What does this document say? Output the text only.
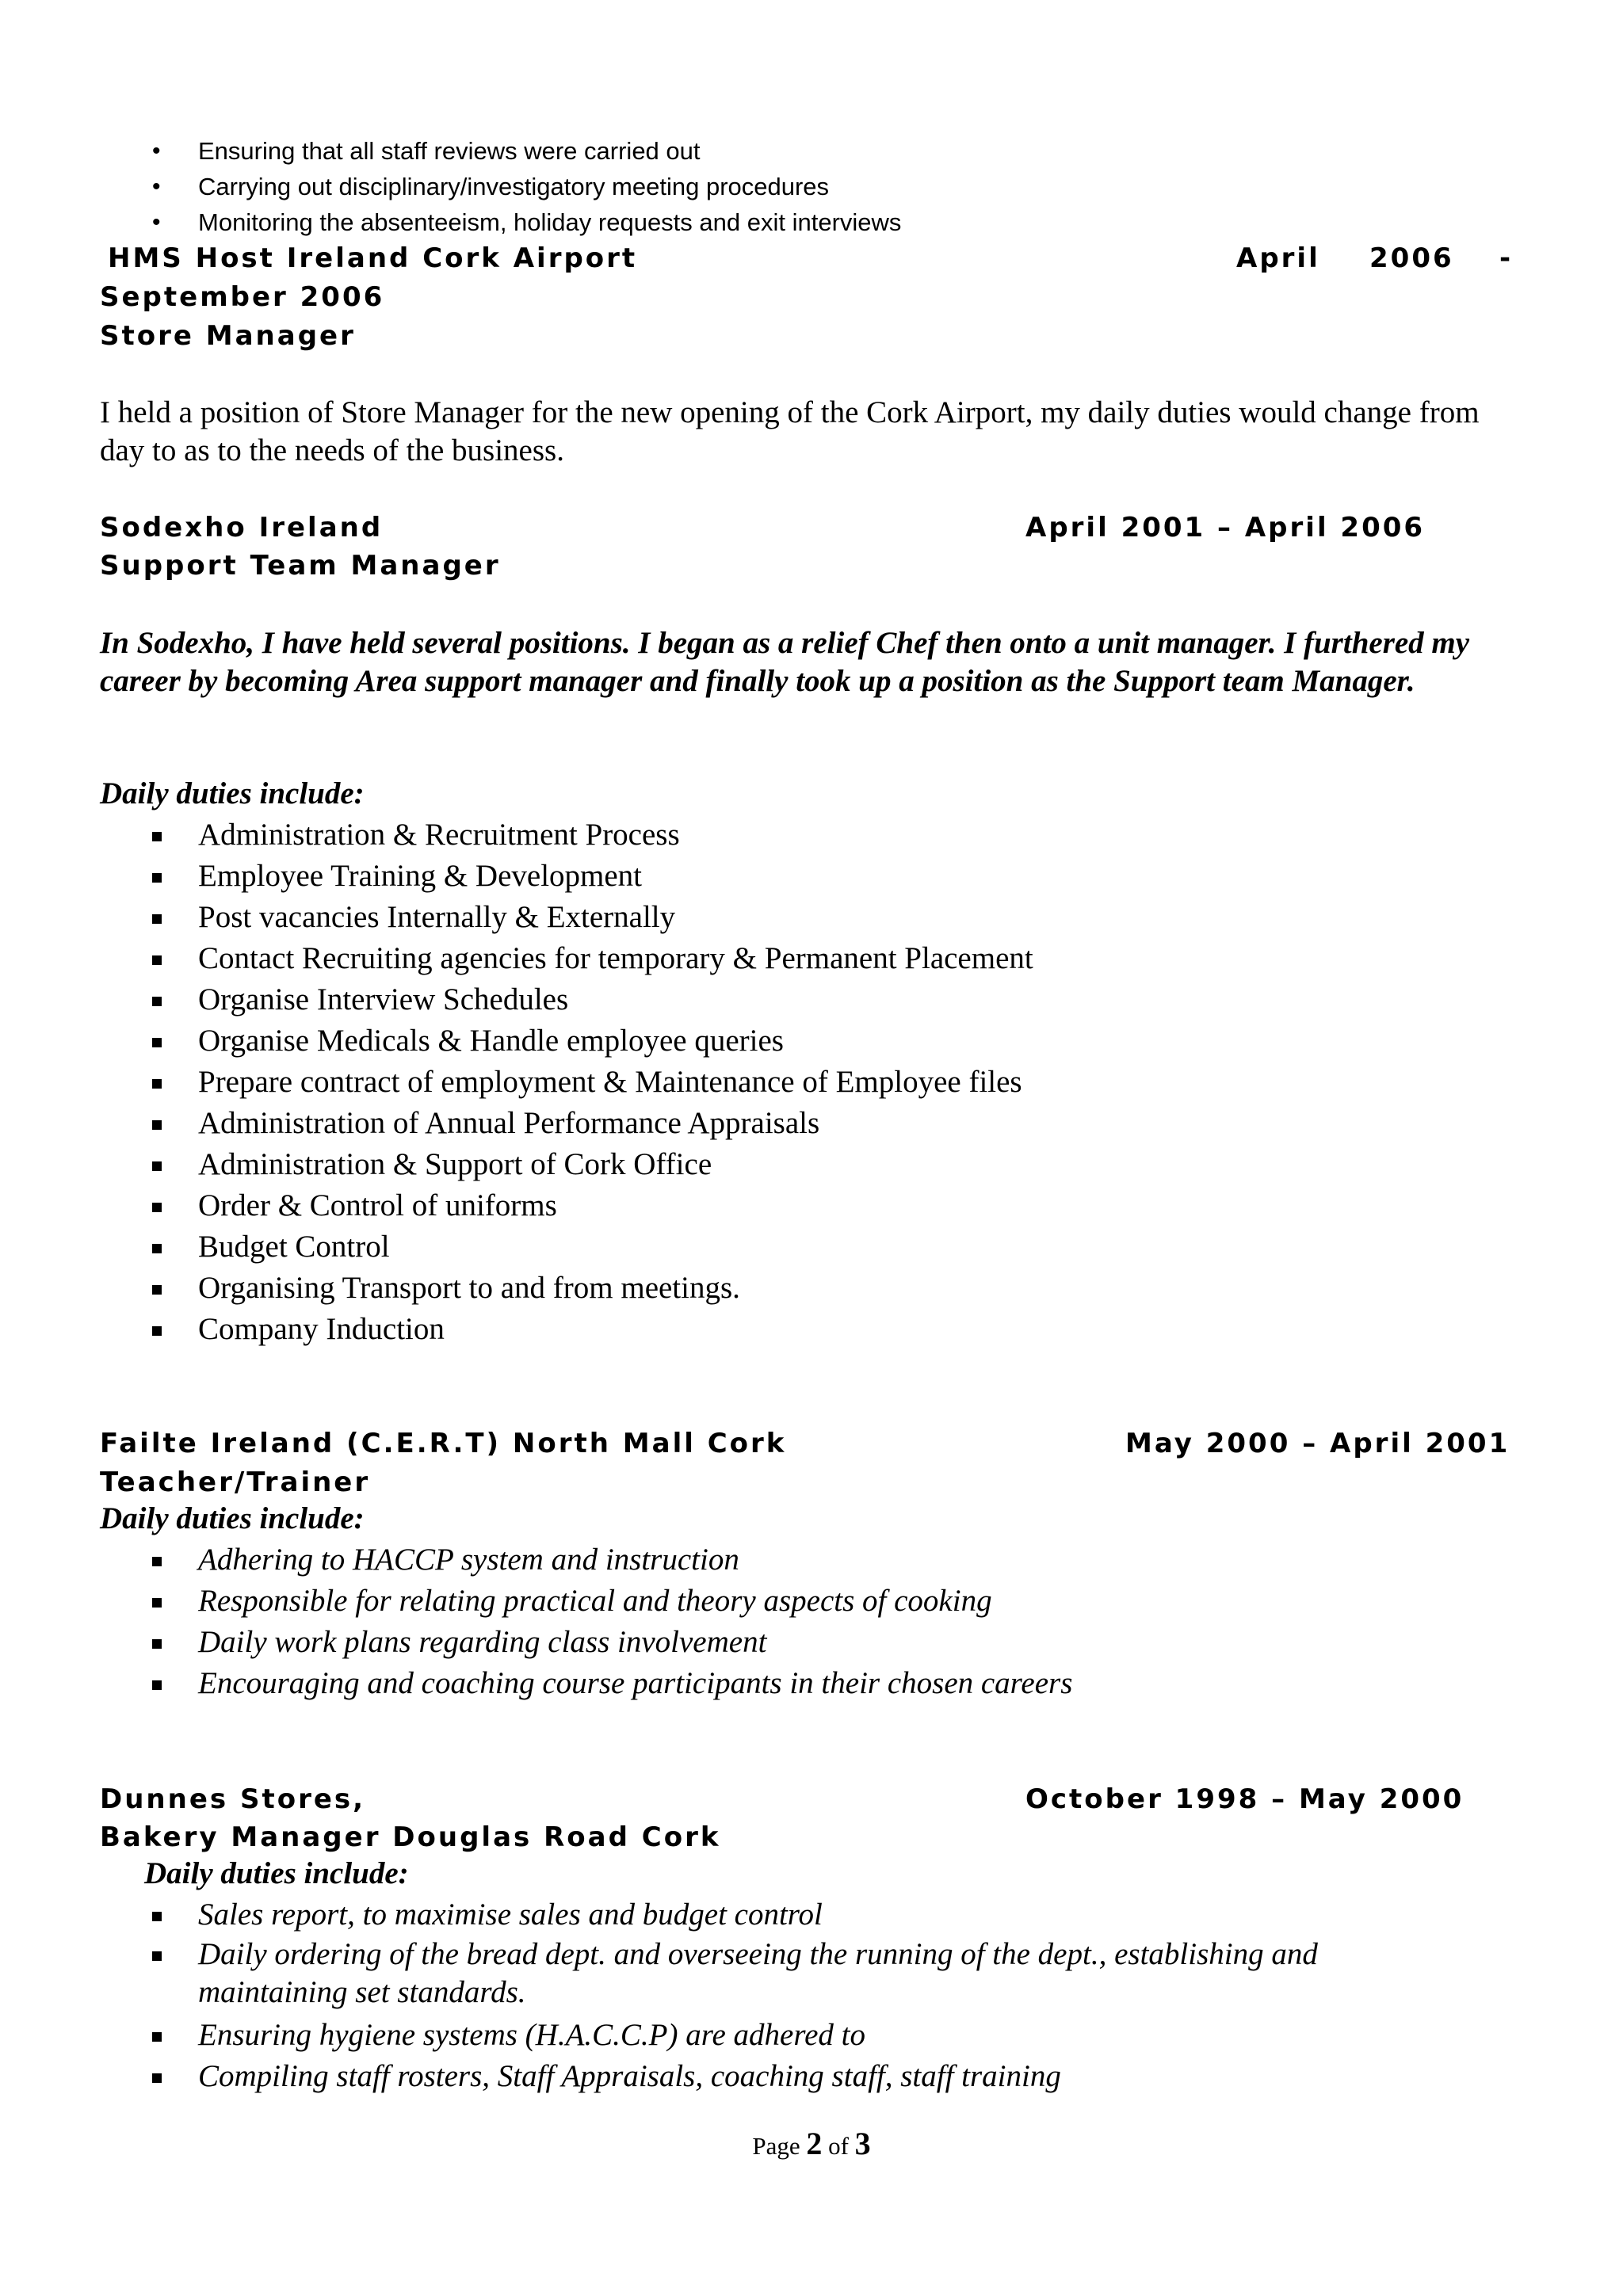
• Ensuring that all staff reviews were carried out
• Carrying out disciplinary/investigatory meeting procedures
• Monitoring the absenteeism, holiday requests and exit interviews
HMS Host Ireland Cork Airport	April 2006 -
September 2006
Store Manager

I held a position of Store Manager for the new opening of the Cork Airport, my daily duties would change from day to as to the needs of the business.

Sodexho Ireland	April 2001 – April 2006
Support Team Manager

In Sodexho, I have held several positions. I began as a relief Chef then onto a unit manager. I furthered my career by becoming Area support manager and finally took up a position as the Support team Manager.

Daily duties include:
Administration & Recruitment Process
Employee Training & Development
Post vacancies Internally & Externally
Contact Recruiting agencies for temporary & Permanent Placement
Organise Interview Schedules
Organise Medicals & Handle employee queries
Prepare contract of employment & Maintenance of Employee files
Administration of Annual Performance Appraisals
Administration & Support of Cork Office
Order & Control of uniforms
Budget Control
Organising Transport to and from meetings.
Company Induction
Failte Ireland (C.E.R.T) North Mall Cork	May 2000 – April 2001
Teacher/Trainer
Daily duties include:
Adhering to HACCP system and instruction
Responsible for relating practical and theory aspects of cooking
Daily work plans regarding class involvement
Encouraging and coaching course participants in their chosen careers
Dunnes Stores,	October 1998 – May 2000
Bakery Manager Douglas Road Cork
Daily duties include:
Sales report, to maximise sales and budget control
Daily ordering of the bread dept. and overseeing the running of the dept., establishing and maintaining set standards.
Ensuring hygiene systems (H.A.C.C.P) are adhered to
Compiling staff rosters, Staff Appraisals, coaching staff, staff training
Page 2 of 3
